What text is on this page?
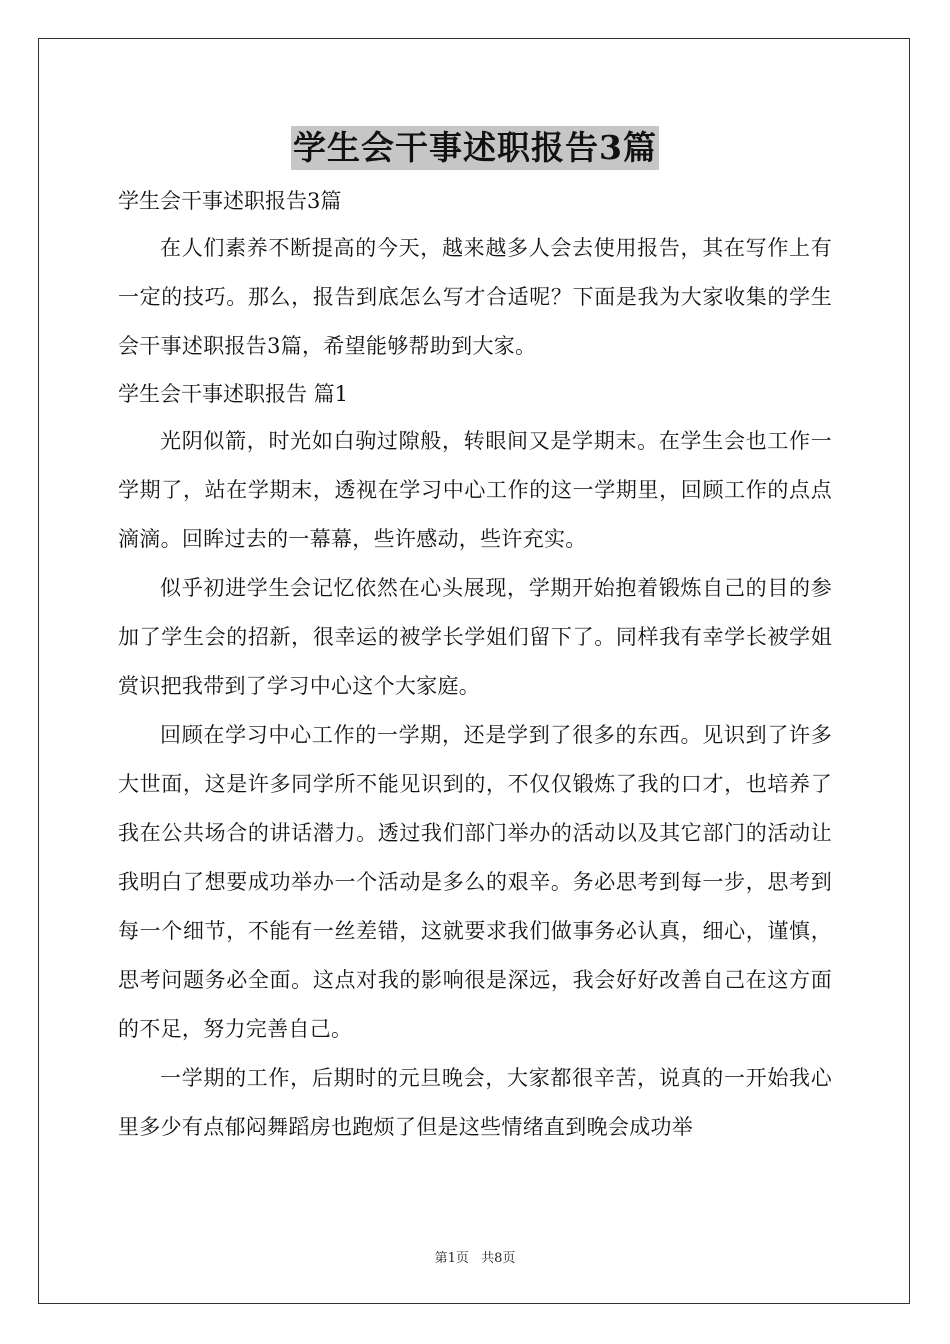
学生会干事述职报告3篇

学生会干事述职报告3篇

在人们素养不断提高的今天，越来越多人会去使用报告，其在写作上有一定的技巧。那么，报告到底怎么写才合适呢？下面是我为大家收集的学生会干事述职报告3篇，希望能够帮助到大家。

学生会干事述职报告 篇1

光阴似箭，时光如白驹过隙般，转眼间又是学期末。在学生会也工作一学期了，站在学期末，透视在学习中心工作的这一学期里，回顾工作的点点滴滴。回眸过去的一幕幕，些许感动，些许充实。

似乎初进学生会记忆依然在心头展现，学期开始抱着锻炼自己的目的参加了学生会的招新，很幸运的被学长学姐们留下了。同样我有幸学长被学姐赏识把我带到了学习中心这个大家庭。

回顾在学习中心工作的一学期，还是学到了很多的东西。见识到了许多大世面，这是许多同学所不能见识到的，不仅仅锻炼了我的口才，也培养了我在公共场合的讲话潜力。透过我们部门举办的活动以及其它部门的活动让我明白了想要成功举办一个活动是多么的艰辛。务必思考到每一步，思考到每一个细节，不能有一丝差错，这就要求我们做事务必认真，细心，谨慎，思考问题务必全面。这点对我的影响很是深远，我会好好改善自己在这方面的不足，努力完善自己。

一学期的工作，后期时的元旦晚会，大家都很辛苦，说真的一开始我心里多少有点郁闷舞蹈房也跑烦了但是这些情绪直到晚会成功举

第1页 共8页
